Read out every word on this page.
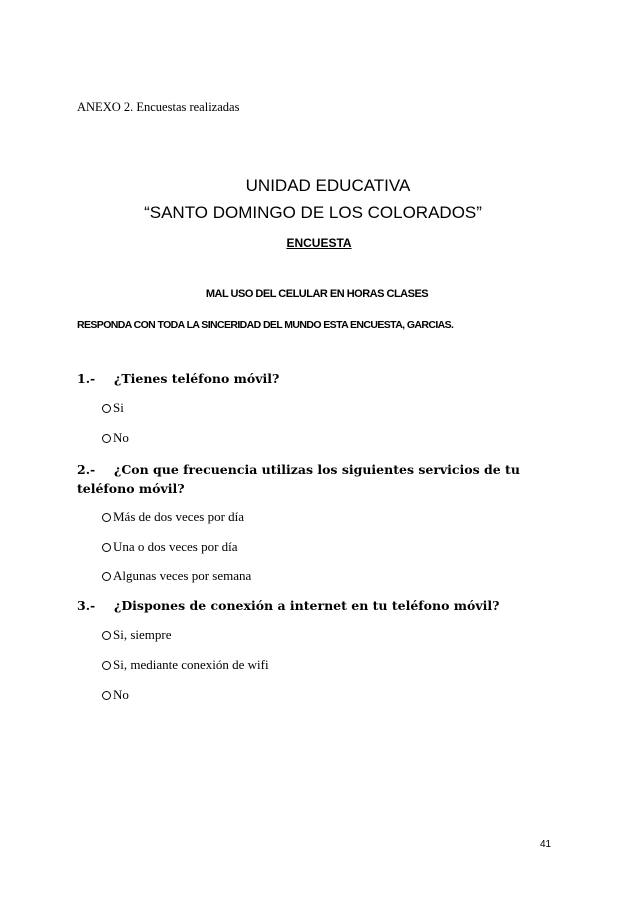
ANEXO 2. Encuestas realizadas
UNIDAD EDUCATIVA
“SANTO DOMINGO DE LOS COLORADOS”
ENCUESTA
MAL USO DEL CELULAR EN HORAS CLASES
RESPONDA CON TODA LA SINCERIDAD DEL MUNDO ESTA ENCUESTA, GARCIAS.
1.- ¿Tienes teléfono móvil?
Si
No
2.- ¿Con que frecuencia utilizas los siguientes servicios de tu teléfono móvil?
Más de dos veces por día
Una o dos veces por día
Algunas veces por semana
3.- ¿Dispones de conexión a internet en tu teléfono móvil?
Si, siempre
Si, mediante conexión de wifi
No
41
